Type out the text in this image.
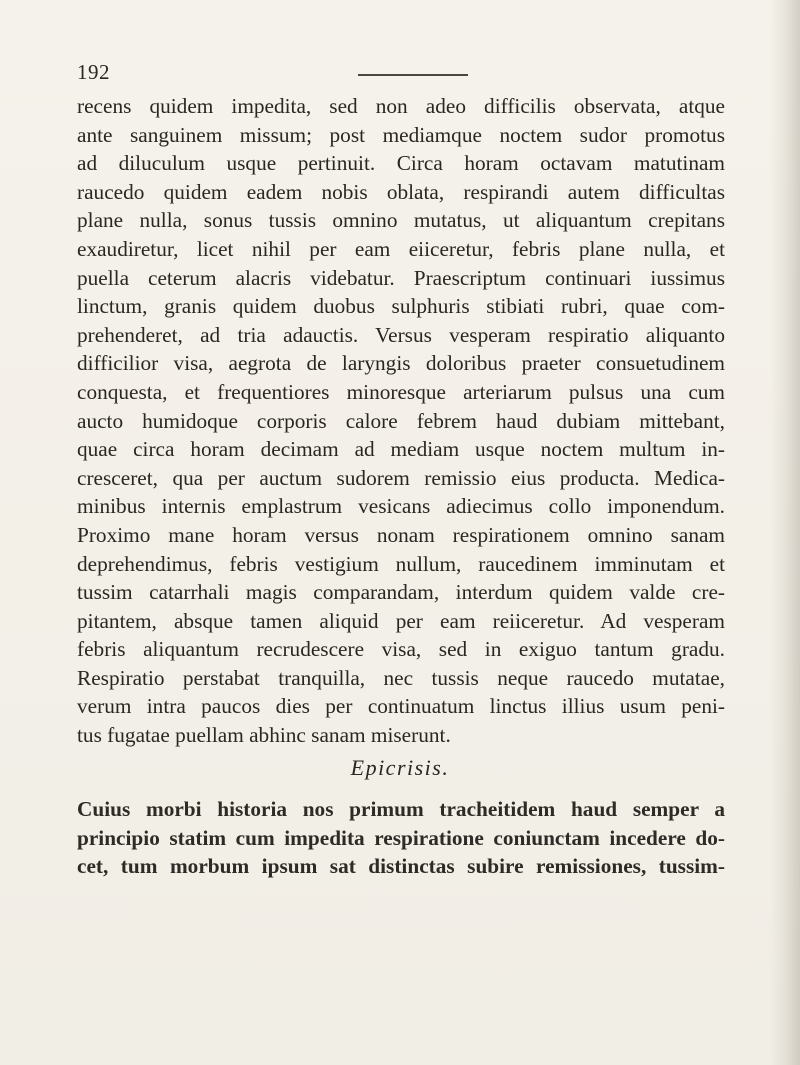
192
recens quidem impedita, sed non adeo difficilis observata, atque
ante sanguinem missum; post mediamque noctem sudor promotus
ad diluculum usque pertinuit. Circa horam octavam matutinam
raucedo quidem eadem nobis oblata, respirandi autem difficultas
plane nulla, sonus tussis omnino mutatus, ut aliquantum crepitans
exaudiretur, licet nihil per eam eiiceretur, febris plane nulla, et
puella ceterum alacris videbatur. Praescriptum continuari iussimus
linctum, granis quidem duobus sulphuris stibiati rubri, quae com-
prehenderet, ad tria adauctis. Versus vesperam respiratio aliquanto
difficilior visa, aegrota de laryngis doloribus praeter consuetudinem
conquesta, et frequentiores minoresque arteriarum pulsus una cum
aucto humidoque corporis calore febrem haud dubiam mittebant,
quae circa horam decimam ad mediam usque noctem multum in-
cresceret, qua per auctum sudorem remissio eius producta. Medica-
minibus internis emplastrum vesicans adiecimus collo imponendum.
Proximo mane horam versus nonam respirationem omnino sanam
deprehendimus, febris vestigium nullum, raucedinem imminutam et
tussim catarrhali magis comparandam, interdum quidem valde cre-
pitantem, absque tamen aliquid per eam reiiceretur. Ad vesperam
febris aliquantum recrudescere visa, sed in exiguo tantum gradu.
Respiratio perstabat tranquilla, nec tussis neque raucedo mutatae,
verum intra paucos dies per continuatum linctus illius usum peni-
tus fugatae puellam abhinc sanam miserunt.
Epicrisis.
Cuius morbi historia nos primum tracheitidem haud semper a
principio statim cum impedita respiratione coniunctam incedere do-
cet, tum morbum ipsum sat distinctas subire remissiones, tussim-
